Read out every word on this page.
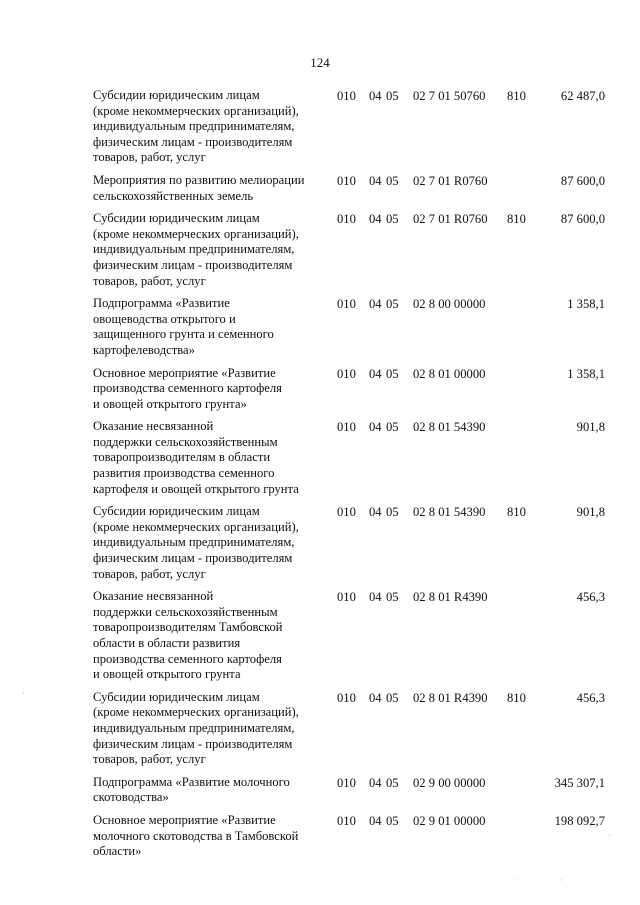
124
Субсидии юридическим лицам
(кроме некоммерческих организаций),
индивидуальным предпринимателям,
физическим лицам - производителям
товаров, работ, услуг
010 04 05 02 7 01 50760 810	62 487,0
Мероприятия по развитию мелиорации
сельскохозяйственных земель
010 04 05 02 7 01 R0760	87 600,0
Субсидии юридическим лицам
(кроме некоммерческих организаций),
индивидуальным предпринимателям,
физическим лицам - производителям
товаров, работ, услуг
010 04 05 02 7 01 R0760 810	87 600,0
Подпрограмма «Развитие
овощеводства открытого и
защищенного грунта и семенного
картофелеводства»
010 04 05 02 8 00 00000	1 358,1
Основное мероприятие «Развитие
производства семенного картофеля
и овощей открытого грунта»
010 04 05 02 8 01 00000	1 358,1
Оказание несвязанной
поддержки сельскохозяйственным
товаропроизводителям в области
развития производства семенного
картофеля и овощей открытого грунта
010 04 05 02 8 01 54390	901,8
Субсидии юридическим лицам
(кроме некоммерческих организаций),
индивидуальным предпринимателям,
физическим лицам - производителям
товаров, работ, услуг
010 04 05 02 8 01 54390 810	901,8
Оказание несвязанной
поддержки сельскохозяйственным
товаропроизводителям Тамбовской
области в области развития
производства семенного картофеля
и овощей открытого грунта
010 04 05 02 8 01 R4390	456,3
Субсидии юридическим лицам
(кроме некоммерческих организаций),
индивидуальным предпринимателям,
физическим лицам - производителям
товаров, работ, услуг
010 04 05 02 8 01 R4390 810	456,3
Подпрограмма «Развитие молочного
скотоводства»
010 04 05 02 9 00 00000	345 307,1
Основное мероприятие «Развитие
молочного скотоводства в Тамбовской
области»
010 04 05 02 9 01 00000	198 092,7
·
·
·	·
